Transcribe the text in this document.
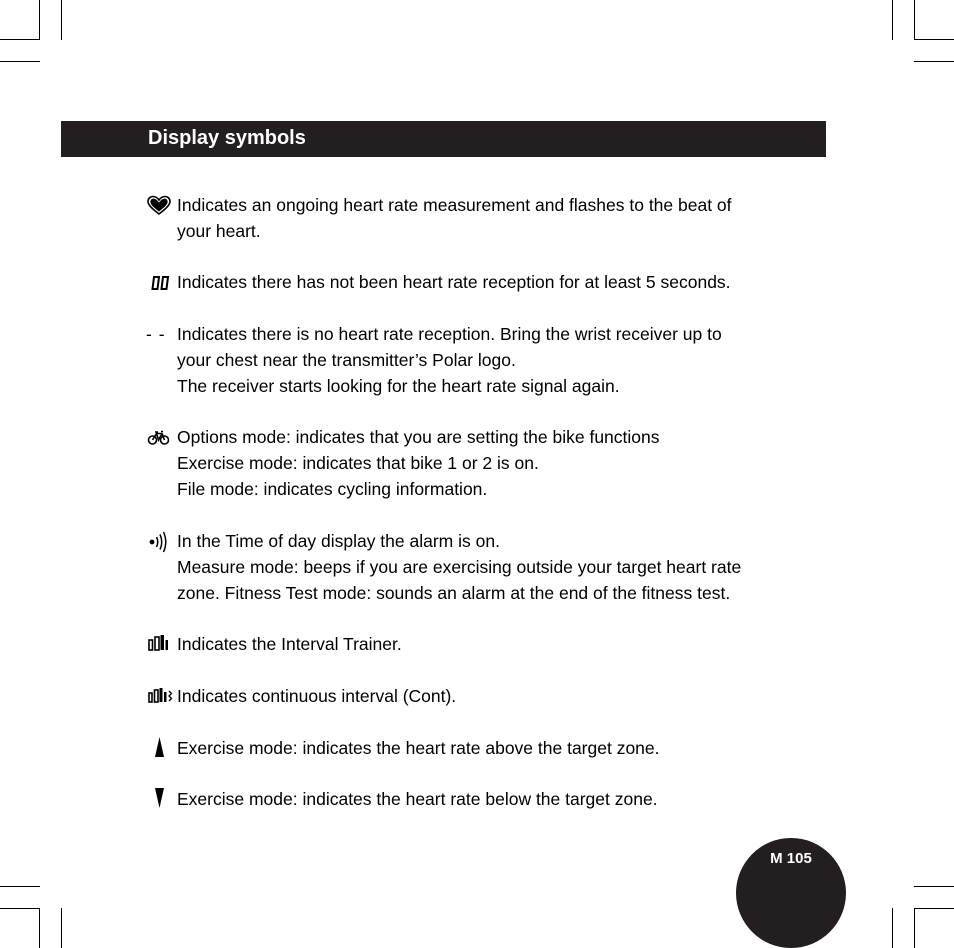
Display symbols
Indicates an ongoing heart rate measurement and flashes to the beat of
your heart.
Indicates there has not been heart rate reception for at least 5 seconds.
- - Indicates there is no heart rate reception. Bring the wrist receiver up to
your chest near the transmitter’s Polar logo.
The receiver starts looking for the heart rate signal again.
Options mode: indicates that you are setting the bike functions
Exercise mode: indicates that bike 1 or 2 is on.
File mode: indicates cycling information.
In the Time of day display the alarm is on.
Measure mode: beeps if you are exercising outside your target heart rate
zone. Fitness Test mode: sounds an alarm at the end of the fitness test.
Indicates the Interval Trainer.
Indicates continuous interval (Cont).
Exercise mode: indicates the heart rate above the target zone.
Exercise mode: indicates the heart rate below the target zone.
M 105
